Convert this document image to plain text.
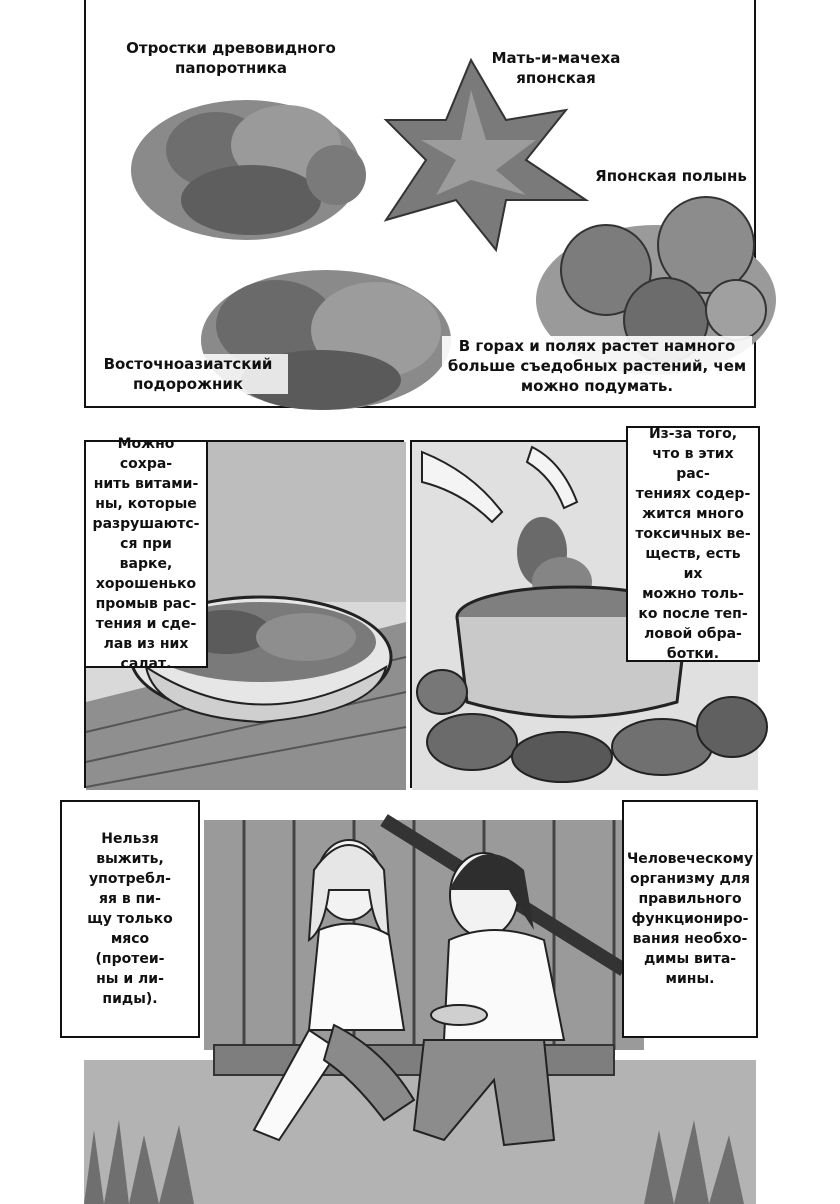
Отростки древовидного
папоротника
Мать-и-мачеха
японская
Японская полынь
Восточноазиатский
подорожник
В горах и полях растет намного
больше съедобных растений, чем
можно подумать.
Можно сохра-
нить витами-
ны, которые
разрушаютс-
ся при варке,
хорошенько
промыв рас-
тения и сде-
лав из них
салат.
Из-за того,
что в этих рас-
тениях содер-
жится много
токсичных ве-
ществ, есть их
можно толь-
ко после теп-
ловой обра-
ботки.
Нельзя
выжить,
употребл-
яя в пи-
щу только
мясо
(протеи-
ны и ли-
пиды).
Человеческому
организму для
правильного
функциониро-
вания необхо-
димы вита-
мины.
